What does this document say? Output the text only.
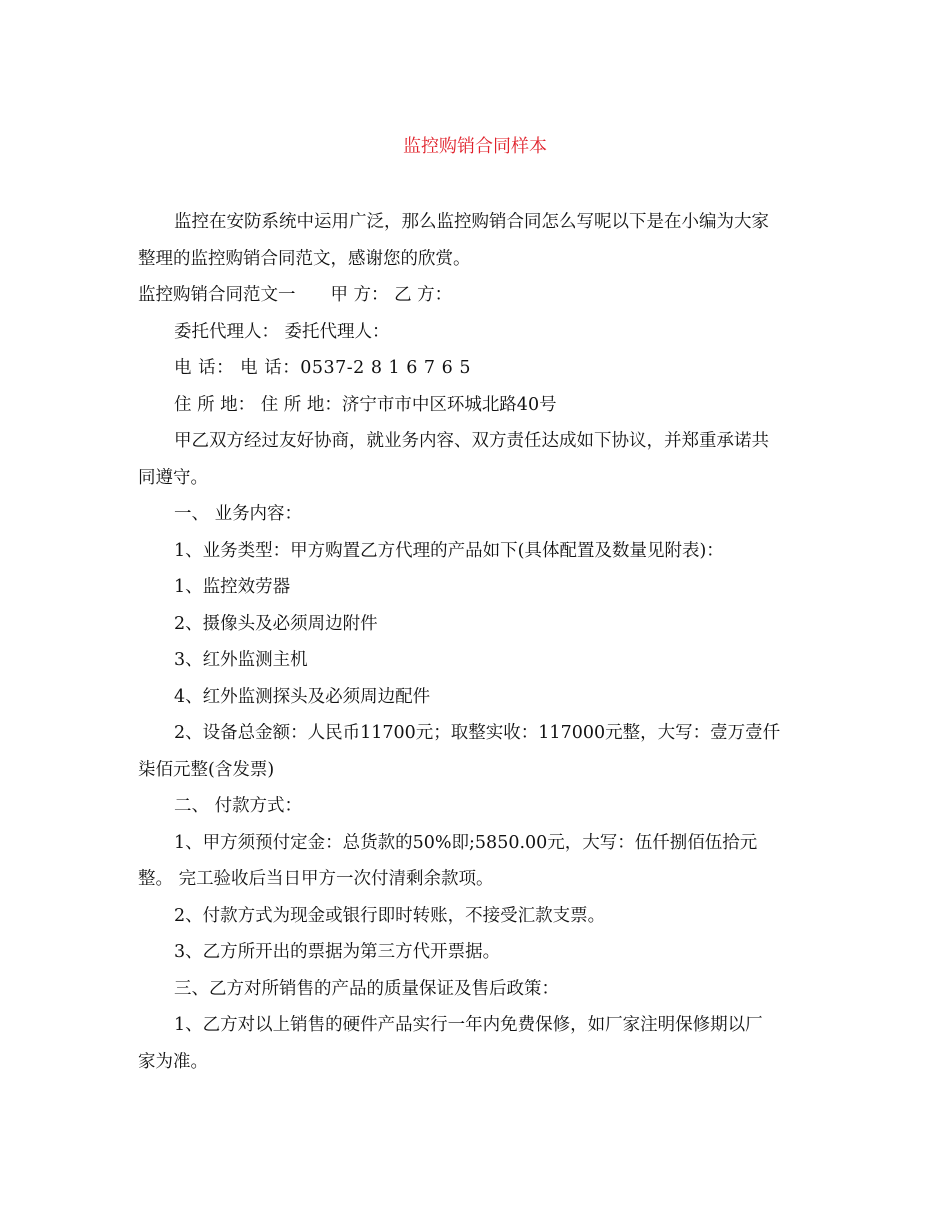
监控购销合同样本

监控在安防系统中运用广泛，那么监控购销合同怎么写呢以下是在小编为大家

整理的监控购销合同范文，感谢您的欣赏。

监控购销合同范文一　　甲 方： 乙 方：

委托代理人： 委托代理人：

电 话： 电 话：0537-2 8 1 6 7 6 5

住 所 地： 住 所 地：济宁市市中区环城北路40号

甲乙双方经过友好协商，就业务内容、双方责任达成如下协议，并郑重承诺共

同遵守。

一、 业务内容：

1、业务类型：甲方购置乙方代理的产品如下(具体配置及数量见附表)：

1、监控效劳器

2、摄像头及必须周边附件

3、红外监测主机

4、红外监测探头及必须周边配件

2、设备总金额：人民币11700元；取整实收：117000元整，大写：壹万壹仟

柒佰元整(含发票)

二、 付款方式：

1、甲方须预付定金：总货款的50%即;5850.00元，大写：伍仟捌佰伍拾元

整。 完工验收后当日甲方一次付清剩余款项。

2、付款方式为现金或银行即时转账，不接受汇款支票。

3、乙方所开出的票据为第三方代开票据。

三、乙方对所销售的产品的质量保证及售后政策：

1、乙方对以上销售的硬件产品实行一年内免费保修，如厂家注明保修期以厂

家为准。
